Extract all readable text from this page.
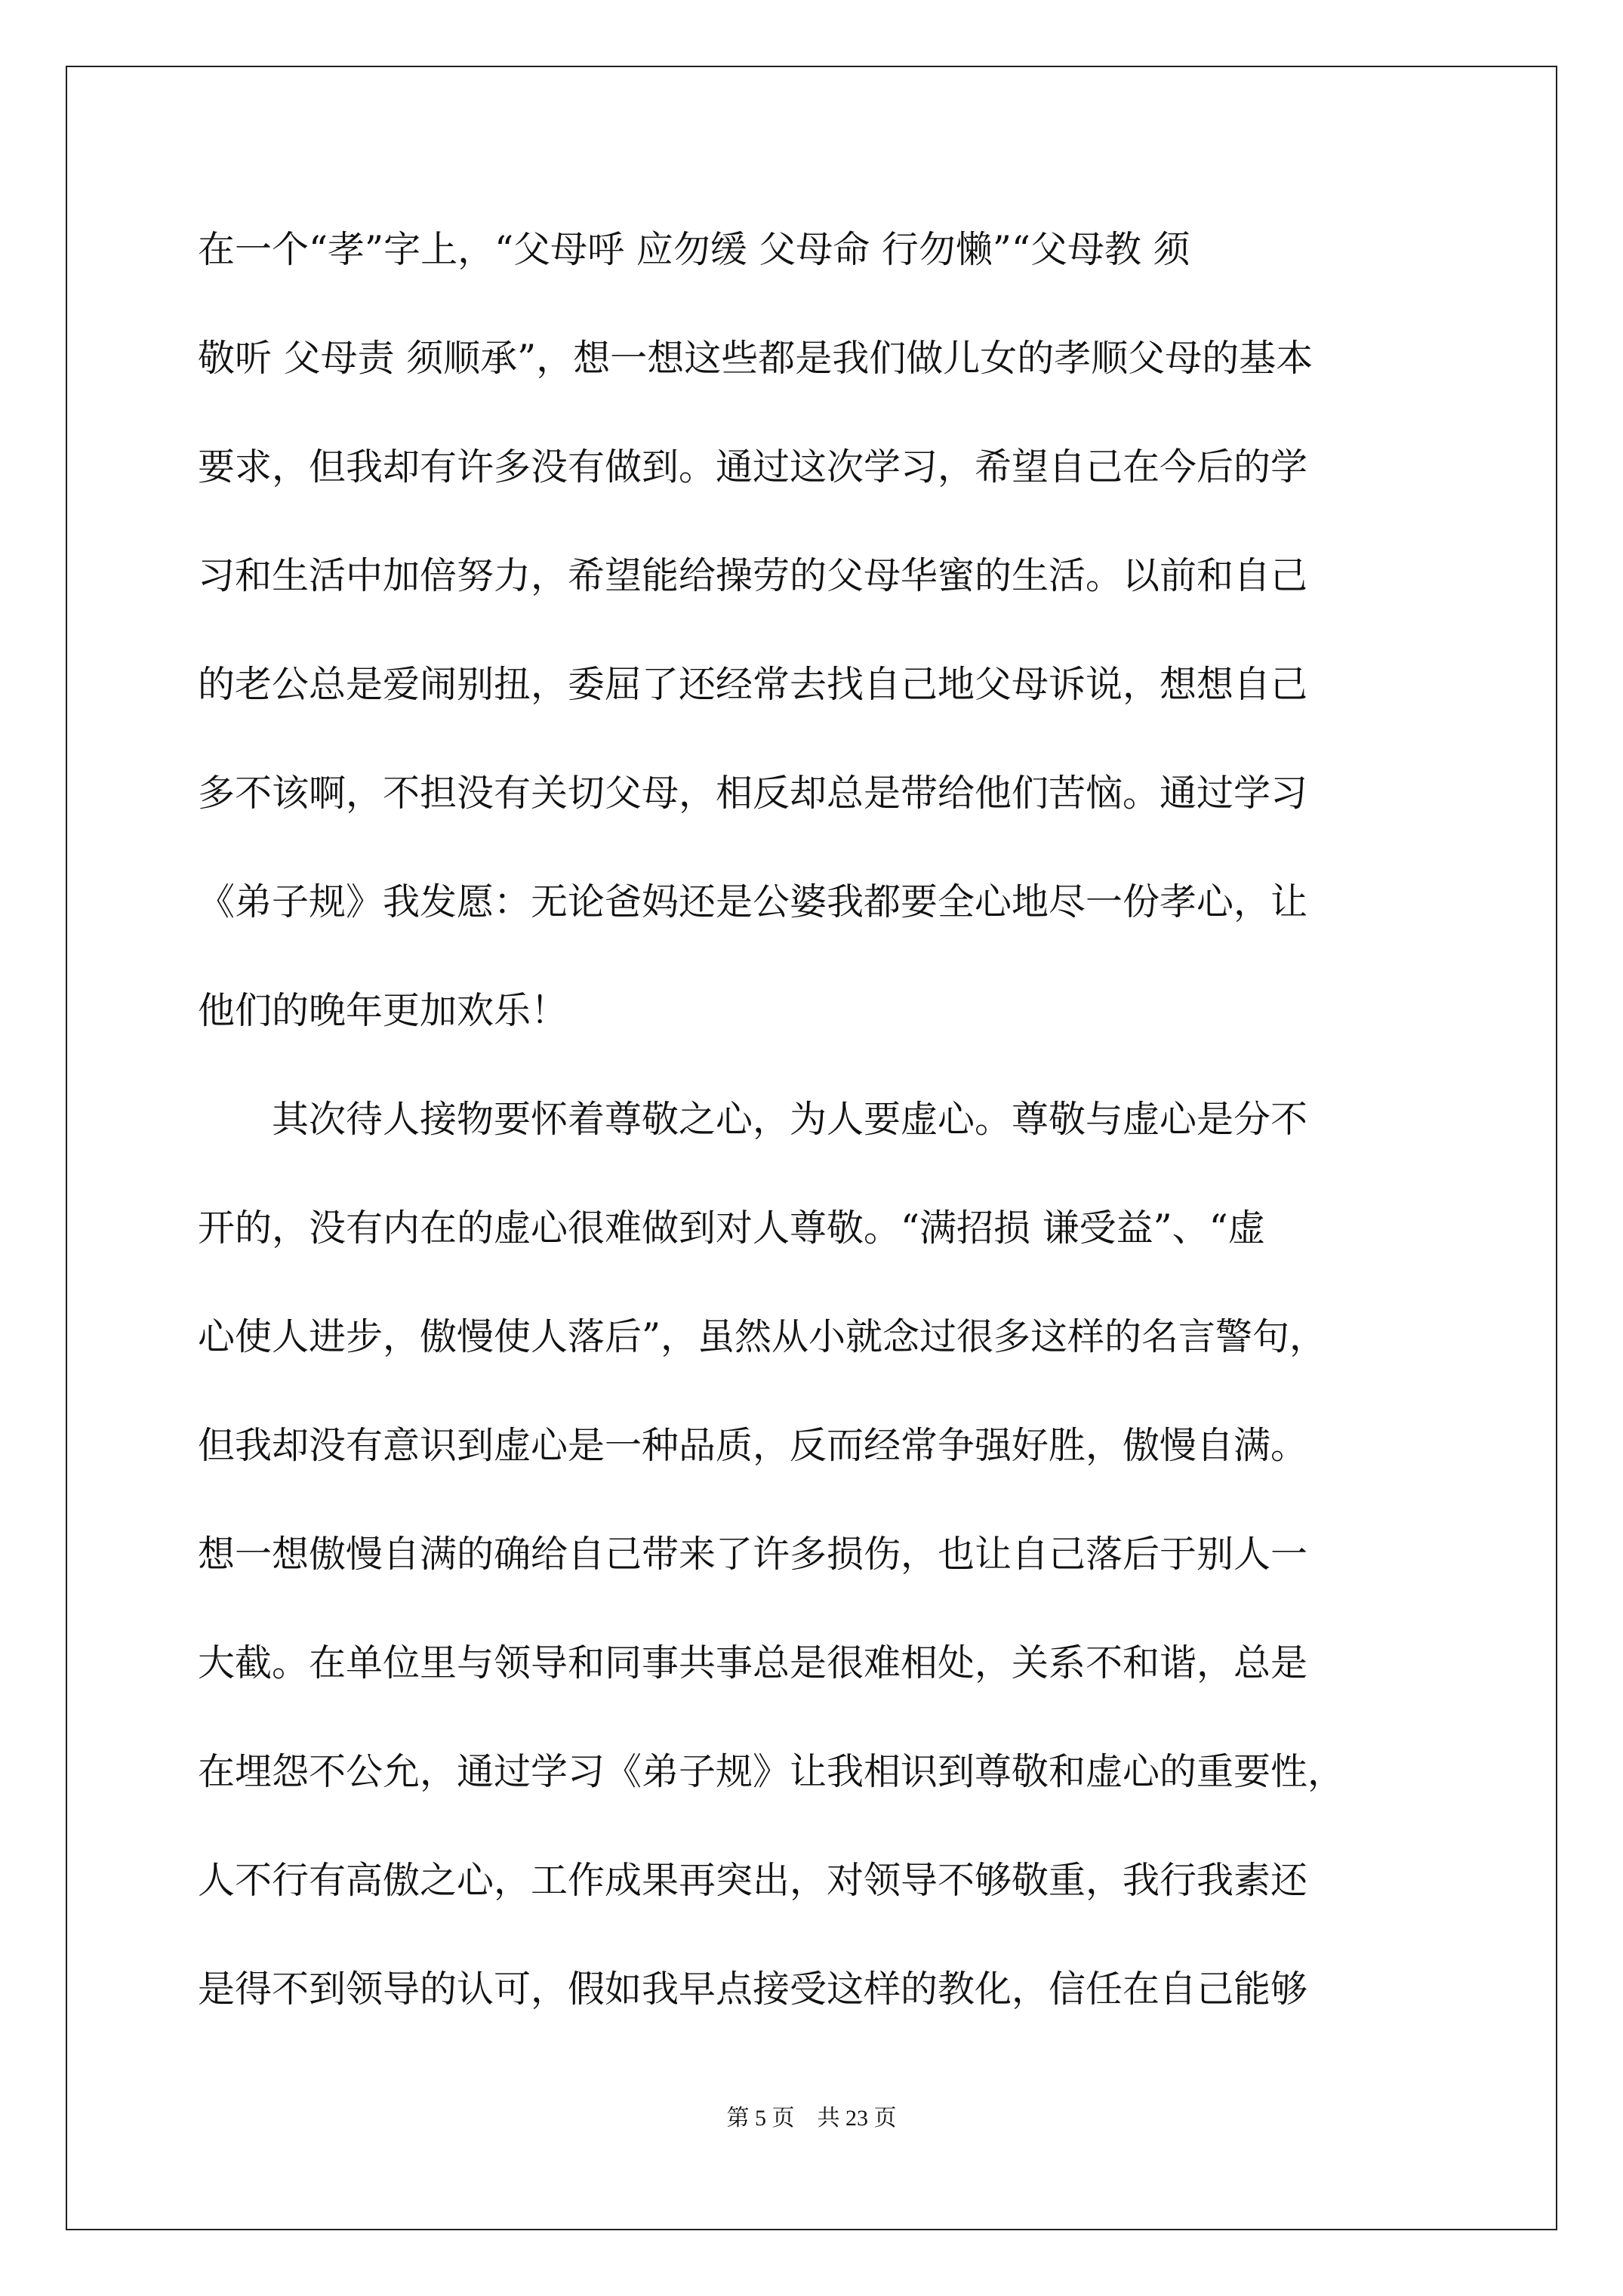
在一个“孝”字上，“父母呼 应勿缓 父母命 行勿懒”“父母教 须
敬听 父母责 须顺承”，想一想这些都是我们做儿女的孝顺父母的基本
要求，但我却有许多没有做到。通过这次学习，希望自己在今后的学
习和生活中加倍努力，希望能给操劳的父母华蜜的生活。以前和自己
的老公总是爱闹别扭，委屈了还经常去找自己地父母诉说，想想自己
多不该啊，不担没有关切父母，相反却总是带给他们苦恼。通过学习
《弟子规》我发愿：无论爸妈还是公婆我都要全心地尽一份孝心，让
他们的晚年更加欢乐！
　　其次待人接物要怀着尊敬之心，为人要虚心。尊敬与虚心是分不
开的，没有内在的虚心很难做到对人尊敬。“满招损 谦受益”、“虚
心使人进步，傲慢使人落后”，虽然从小就念过很多这样的名言警句，
但我却没有意识到虚心是一种品质，反而经常争强好胜，傲慢自满。
想一想傲慢自满的确给自己带来了许多损伤，也让自己落后于别人一
大截。在单位里与领导和同事共事总是很难相处，关系不和谐，总是
在埋怨不公允，通过学习《弟子规》让我相识到尊敬和虚心的重要性，
人不行有高傲之心，工作成果再突出，对领导不够敬重，我行我素还
是得不到领导的认可，假如我早点接受这样的教化，信任在自己能够
第 5 页　共 23 页
